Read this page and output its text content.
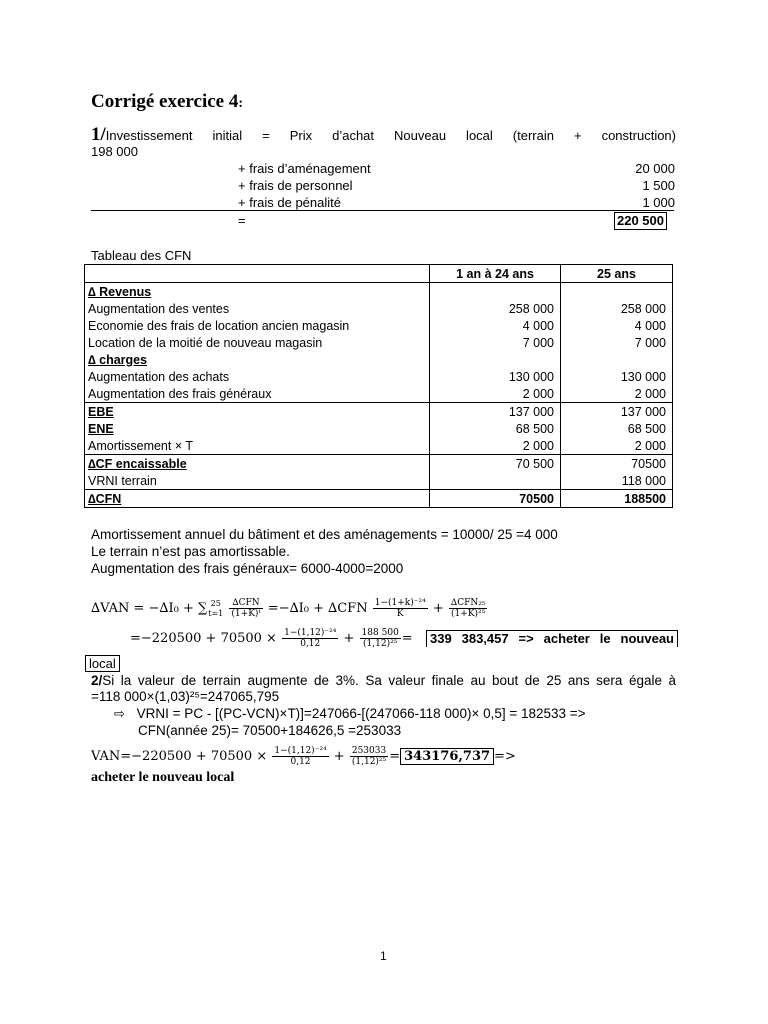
Corrigé exercice 4:
1/Investissement initial = Prix d’achat Nouveau local (terrain + construction)
198 000
+ frais d’aménagement	20 000
+ frais de personnel	1 500
+ frais de pénalité	1 000
=	220 500
Tableau des CFN
	1 an à 24 ans	25 ans
∆ Revenus		
Augmentation des ventes	258 000	258 000
Economie des frais de location ancien magasin	4 000	4 000
Location de la moitié de nouveau magasin	7 000	7 000
∆ charges		
Augmentation des achats	130 000	130 000
Augmentation des frais généraux	2 000	2 000
EBE	137 000	137 000
ENE	68 500	68 500
Amortissement × T	2 000	2 000
∆CF encaissable	70 500	70500
VRNI terrain		118 000
∆CFN	70500	188500
Amortissement annuel du bâtiment et des aménagements = 10000/ 25 =4 000
Le terrain n’est pas amortissable.
Augmentation des frais généraux= 6000-4000=2000
∆VAN = −∆I₀ + ∑ 25
t=1
$\frac{\text{∆CFN}}{\text{(1+K)ᵗ}} =-\Delta I_0 + \Delta CFN \frac{\text{1−(1+k)⁻²⁴}}{K} + \frac{\text{∆CFN₂₅}}{\text{(1+K)²⁵}}$
$=-220500 + 70500 \times \frac{\text{1−(1,12)⁻²⁴}}{0,12} + \frac{188 500}{\text{(1,12)²⁵}}$ =	339 383,457 => acheter le nouveau
local
2/Si la valeur de terrain augmente de 3%. Sa valeur finale au bout de 25 ans sera égale à
=118 000×(1,03)²⁵=247065,795
⇨ VRNI = PC - [(PC-VCN)×T)]=247066-[(247066-118 000)× 0,5] = 182533 =>
CFN(année 25)= 70500+184626,5 =253033
$VAN=-220500 + 70500 \times \frac{\text{1−(1,12)⁻²⁴}}{0,12} + \frac{253033}{\text{(1,12)²⁵}} = 343176,737$ =>
acheter le nouveau local
1
